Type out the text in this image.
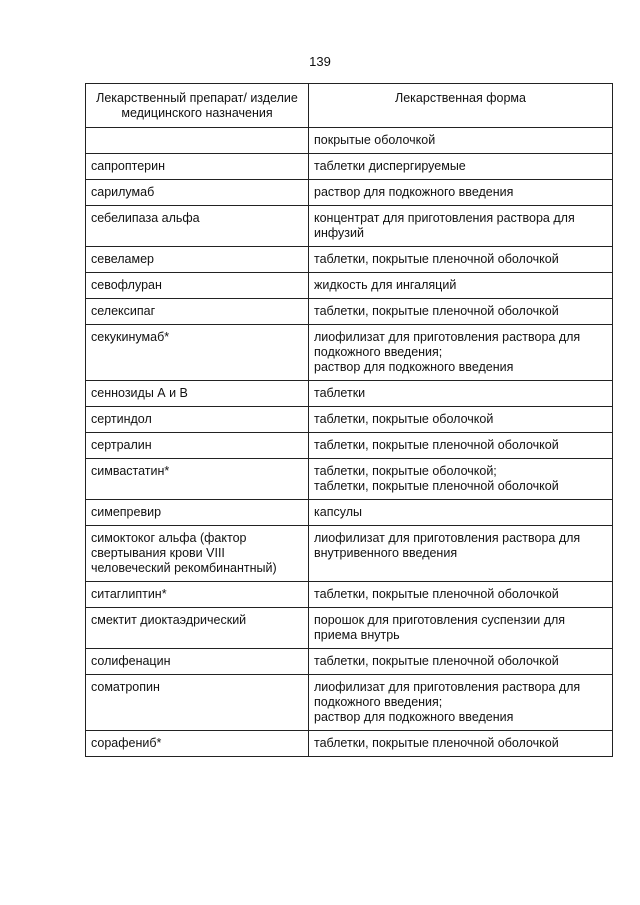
139
Лекарственный препарат/ изделие медицинского назначения	Лекарственная форма

	покрытые оболочкой

сапроптерин	таблетки диспергируемые

сарилумаб	раствор для подкожного введения

себелипаза альфа	концентрат для приготовления раствора для инфузий

севеламер	таблетки, покрытые пленочной оболочкой

севофлуран	жидкость для ингаляций

селексипаг	таблетки, покрытые пленочной оболочкой

секукинумаб*	лиофилизат для приготовления раствора для подкожного введения;
раствор для подкожного введения

сеннозиды А и В	таблетки

сертиндол	таблетки, покрытые оболочкой

сертралин	таблетки, покрытые пленочной оболочкой

симвастатин*	таблетки, покрытые оболочкой;
таблетки, покрытые пленочной оболочкой

симепревир	капсулы

симоктоког альфа (фактор свертывания крови VIII человеческий рекомбинантный)	лиофилизат для приготовления раствора для внутривенного введения

ситаглиптин*	таблетки, покрытые пленочной оболочкой

смектит диоктаэдрический	порошок для приготовления суспензии для приема внутрь

солифенацин	таблетки, покрытые пленочной оболочкой

соматропин	лиофилизат для приготовления раствора для подкожного введения;
раствор для подкожного введения

сорафениб*	таблетки, покрытые пленочной оболочкой
